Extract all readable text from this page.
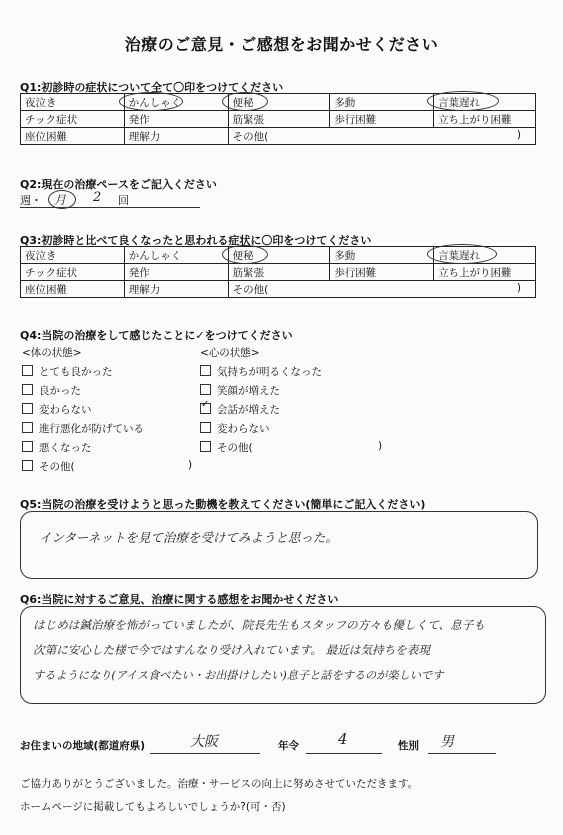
治療のご意見・ご感想をお聞かせください
Q1:初診時の症状について全て〇印をつけてください
夜泣き	かんしゃく	便秘	多動	言葉遅れ
チック症状	発作	筋緊張	歩行困難	立ち上がり困難
座位困難	理解力	その他( )		
Q2:現在の治療ペースをご記入ください
週・ 月 2 回
Q3:初診時と比べて良くなったと思われる症状に〇印をつけてください
夜泣き	かんしゃく	便秘	多動	言葉遅れ
チック症状	発作	筋緊張	歩行困難	立ち上がり困難
座位困難	理解力	その他( )		
Q4:当院の治療をして感じたことに✓をつけてください
<体の状態>	<心の状態>
とても良かった
良かった
変わらない
進行悪化が防げている
悪くなった
その他(	)
気持ちが明るくなった
笑顔が増えた
✓会話が増えた
変わらない
その他(	)
Q5:当院の治療を受けようと思った動機を教えてください(簡単にご記入ください)
インターネットを見て治療を受けてみようと思った。
Q6:当院に対するご意見、治療に関する感想をお聞かせください
はじめは鍼治療を怖がっていましたが、院長先生もスタッフの方々も優しくて、息子も
次第に安心した様で今ではすんなり受け入れています。 最近は気持ちを表現
するようになり(アイス食べたい・お出掛けしたい)息子と話をするのが楽しいです
お住まいの地域(都道府県)	大阪	年令	4	性別 男
ご協力ありがとうございました。治療・サービスの向上に努めさせていただきます。
ホームページに掲載してもよろしいでしょうか?(可・否)
